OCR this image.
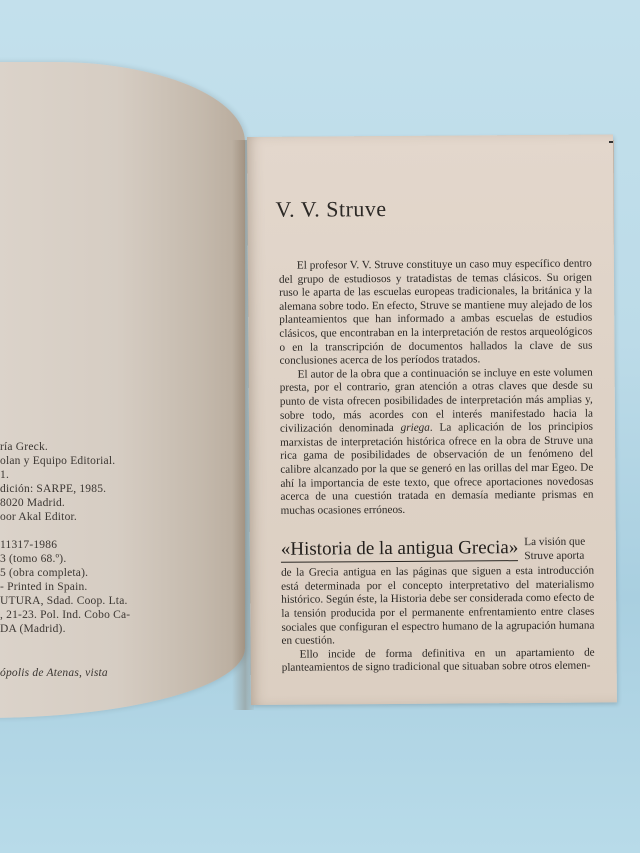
ría Greck.
olan y Equipo Editorial.
1.
dición: SARPE, 1985.
8020 Madrid.
oor Akal Editor.
11317-1986
3 (tomo 68.º).
5 (obra completa).
- Printed in Spain.
UTURA, Sdad. Coop. Lta.
, 21-23. Pol. Ind. Cobo Ca-
DA (Madrid).
ópolis de Atenas, vista
V. V. Struve

El profesor V. V. Struve constituye un caso muy específico dentro del grupo de estudiosos y tratadistas de temas clásicos. Su origen ruso le aparta de las escuelas europeas tradicionales, la británica y la alemana sobre todo. En efecto, Struve se mantiene muy alejado de los planteamientos que han informado a ambas escuelas de estudios clásicos, que encontraban en la interpretación de restos arqueológicos o en la transcripción de documentos hallados la clave de sus conclusiones acerca de los períodos tratados.

El autor de la obra que a continuación se incluye en este volumen presta, por el contrario, gran atención a otras claves que desde su punto de vista ofrecen posibilidades de interpretación más amplias y, sobre todo, más acordes con el interés manifestado hacia la civilización denominada griega. La aplicación de los principios marxistas de interpretación histórica ofrece en la obra de Struve una rica gama de posibilidades de observación de un fenómeno del calibre alcanzado por la que se generó en las orillas del mar Egeo. De ahí la importancia de este texto, que ofrece aportaciones novedosas acerca de una cuestión tratada en demasía mediante prismas en muchas ocasiones erróneos.

«Historia de la antigua Grecia» La visión que Struve aporta

de la Grecia antigua en las páginas que siguen a esta introducción está determinada por el concepto interpretativo del materialismo histórico. Según éste, la Historia debe ser considerada como efecto de la tensión producida por el permanente enfrentamiento entre clases sociales que configuran el espectro humano de la agrupación humana en cuestión.

Ello incide de forma definitiva en un apartamiento de planteamientos de signo tradicional que situaban sobre otros elemen-
